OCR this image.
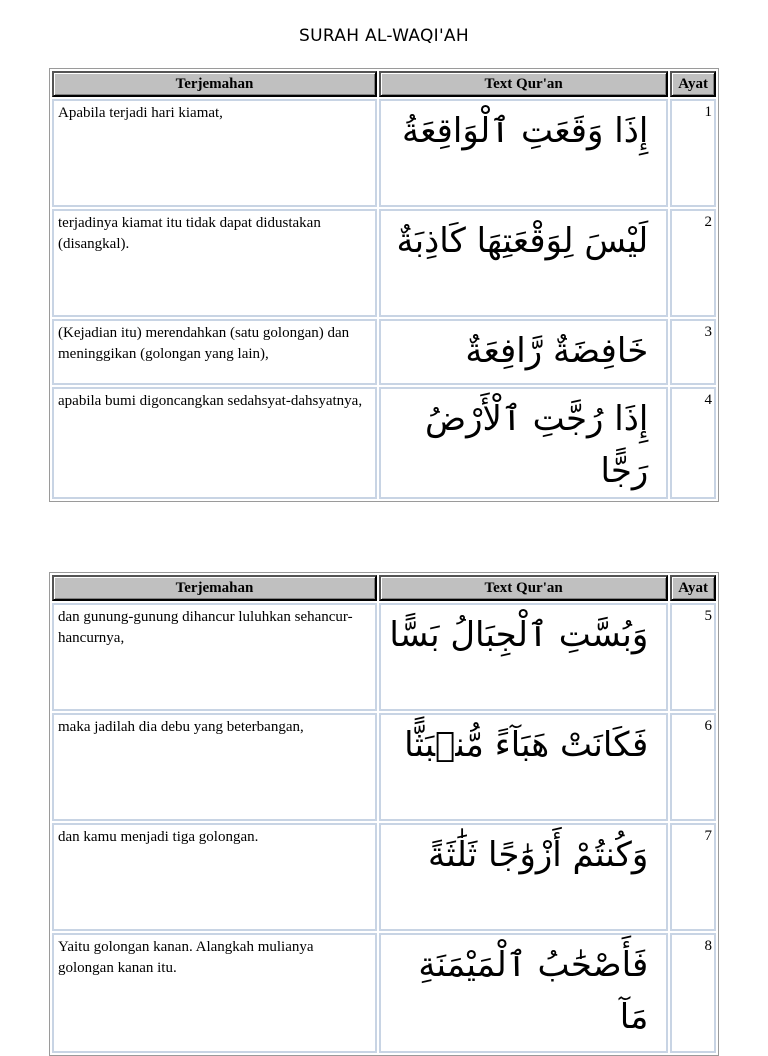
SURAH AL-WAQI'AH
Terjemahan	Text Qur'an	Ayat
Apabila terjadi hari kiamat,	إِذَا وَقَعَتِ ٱلْوَاقِعَةُ	1
terjadinya kiamat itu tidak dapat didustakan (disangkal).	لَيْسَ لِوَقْعَتِهَا كَاذِبَةٌ	2
(Kejadian itu) merendahkan (satu golongan) dan meninggikan (golongan yang lain),	خَافِضَةٌ رَّافِعَةٌ	3
apabila bumi digoncangkan sedahsyat-dahsyatnya,	إِذَا رُجَّتِ ٱلْأَرْضُ رَجًّا	4
Terjemahan	Text Qur'an	Ayat
dan gunung-gunung dihancur luluhkan sehancur-hancurnya,	وَبُسَّتِ ٱلْجِبَالُ بَسًّا	5
maka jadilah dia debu yang beterbangan,	فَكَانَتْ هَبَآءً مُّنۢبَثًّا	6
dan kamu menjadi tiga golongan.	وَكُنتُمْ أَزْوَٰجًا ثَلَٰثَةً	7
Yaitu golongan kanan. Alangkah mulianya golongan kanan itu.	فَأَصْحَٰبُ ٱلْمَيْمَنَةِ مَآ	8
